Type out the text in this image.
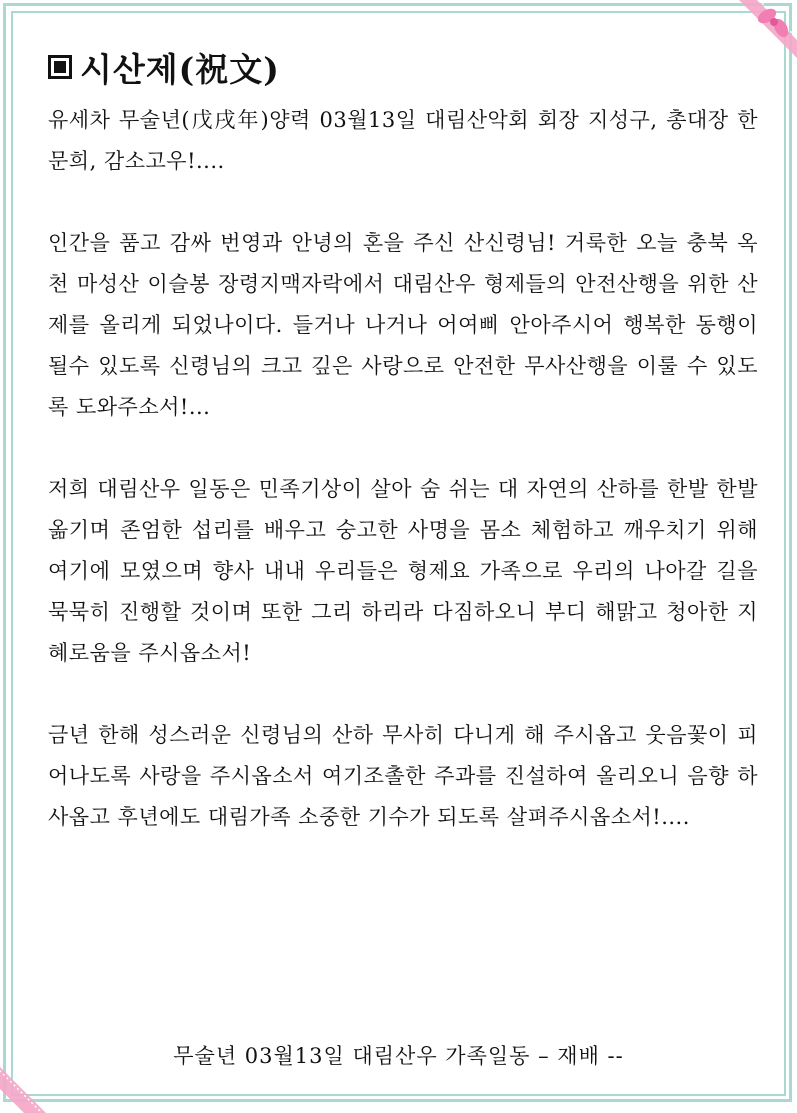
시산제(祝文)

유세차 무술년(戊戌年)양력 03월13일 대림산악회 회장 지성구, 총대장 한문희, 감소고우!....

인간을 품고 감싸 번영과 안녕의 혼을 주신 산신령님! 거룩한 오늘 충북 옥천 마성산 이슬봉 장령지맥자락에서 대림산우 형제들의 안전산행을 위한 산제를 올리게 되었나이다. 들거나 나거나 어여삐 안아주시어 행복한 동행이 될수 있도록 신령님의 크고 깊은 사랑으로 안전한 무사산행을 이룰 수 있도록 도와주소서!...

저희 대림산우 일동은 민족기상이 살아 숨 쉬는 대 자연의 산하를 한발 한발 옮기며 존엄한 섭리를 배우고 숭고한 사명을 몸소 체험하고 깨우치기 위해 여기에 모였으며 향사 내내 우리들은 형제요 가족으로 우리의 나아갈 길을 묵묵히 진행할 것이며 또한 그리 하리라 다짐하오니 부디 해맑고 청아한 지혜로움을 주시옵소서!

금년 한해 성스러운 신령님의 산하 무사히 다니게 해 주시옵고 웃음꽃이 피어나도록 사랑을 주시옵소서 여기조촐한 주과를 진설하여 올리오니 음향 하사옵고 후년에도 대림가족 소중한 기수가 되도록 살펴주시옵소서!....

무술년 03월13일 대림산우 가족일동 – 재배 --
